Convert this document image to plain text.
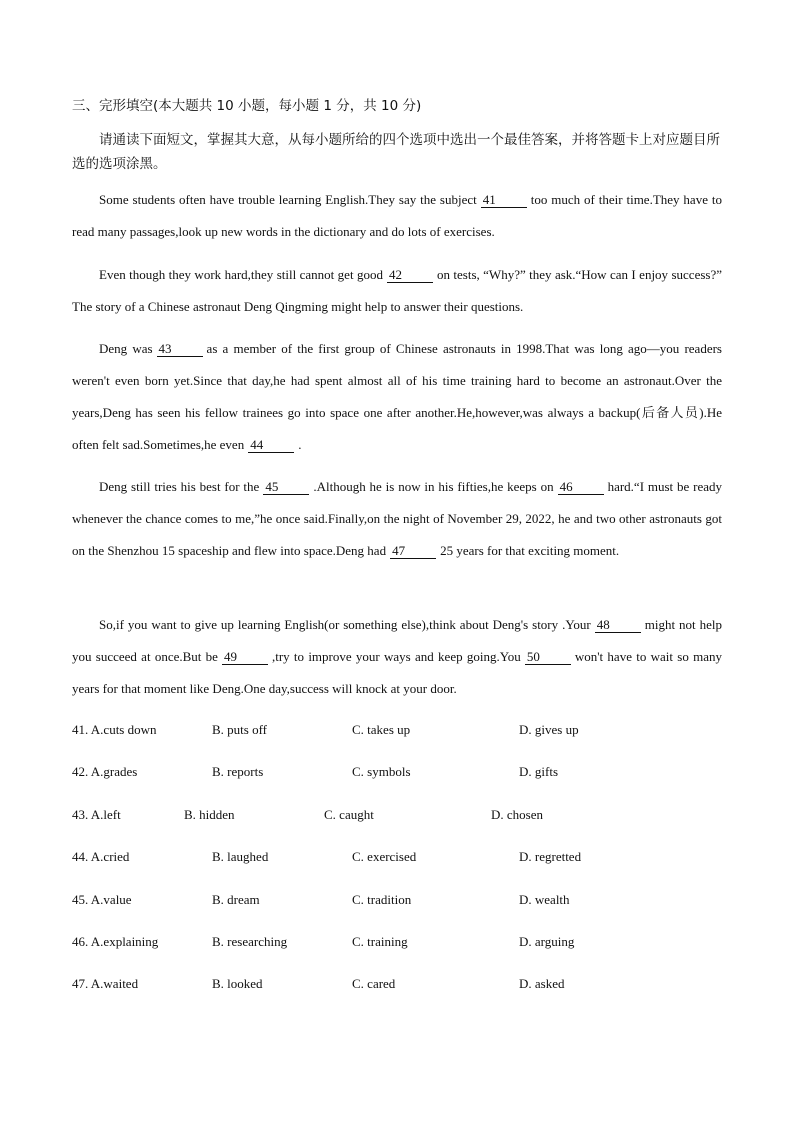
三、完形填空(本大题共 10 小题，每小题 1 分，共 10 分)
请通读下面短文，掌握其大意，从每小题所给的四个选项中选出一个最佳答案，并将答题卡上对应题目所选的选项涂黑。
Some students often have trouble learning English.They say the subject 41	too much of their time.They have to read many passages,look up new words in the dictionary and do lots of exercises.
Even though they work hard,they still cannot get good 42	on tests, “Why?” they ask.“How can I enjoy success?” The story of a Chinese astronaut Deng Qingming might help to answer their questions.
Deng was 43	as a member of the first group of Chinese astronauts in 1998.That was long ago—you readers weren't even born yet.Since that day,he had spent almost all of his time training hard to become an astronaut.Over the years,Deng has seen his fellow trainees go into space one after another.He,however,was always a backup(后备人员).He often felt sad.Sometimes,he even 44	.
Deng still tries his best for the 45	.Although he is now in his fifties,he keeps on 46	hard.“I must be ready whenever the chance comes to me,”he once said.Finally,on the night of November 29, 2022, he and two other astronauts got on the Shenzhou 15 spaceship and flew into space.Deng had 47	25 years for that exciting moment.
So,if you want to give up learning English(or something else),think about Deng's story .Your 48	might not help you succeed at once.But be 49	,try to improve your ways and keep going.You 50	won't have to wait so many years for that moment like Deng.One day,success will knock at your door.
41. A.cuts down	B. puts off	C. takes up	D. gives up
42. A.grades	B. reports	C. symbols	D. gifts
43. A.left	B. hidden	C. caught	D. chosen
44. A.cried	B. laughed	C. exercised	D. regretted
45. A.value	B. dream	C. tradition	D. wealth
46. A.explaining	B. researching	C. training	D. arguing
47. A.waited	B. looked	C. cared	D. asked
